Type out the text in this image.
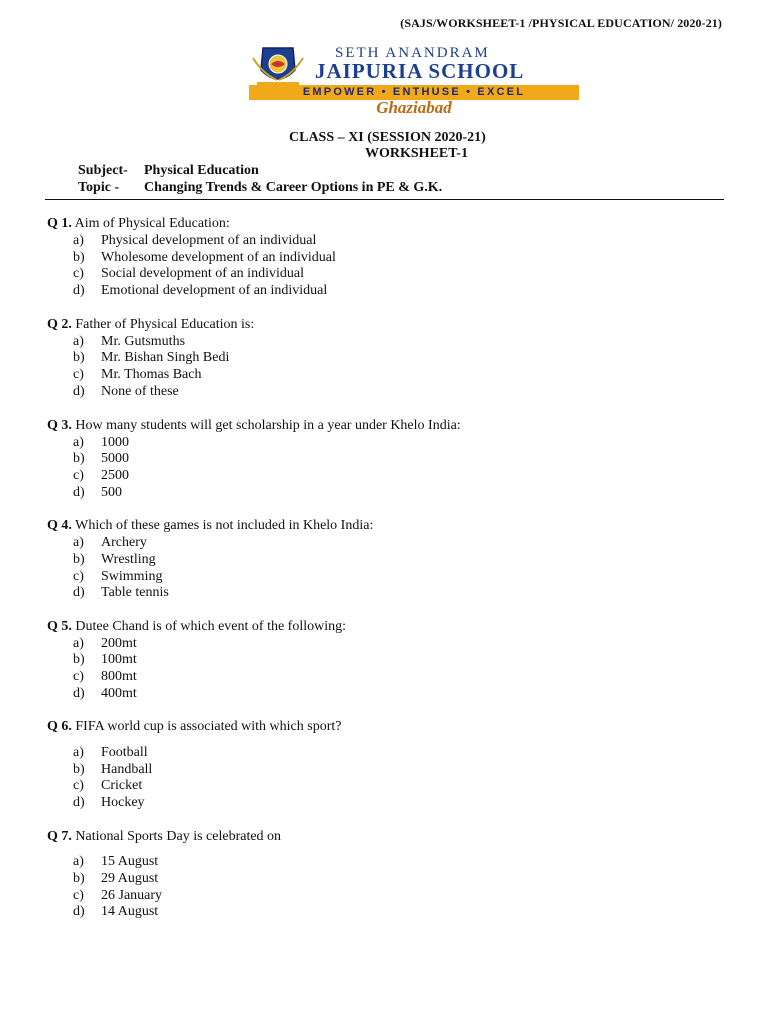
(SAJS/WORKSHEET-1 /PHYSICAL EDUCATION/ 2020-21)
SETH ANANDRAM
JAIPURIA SCHOOL
EMPOWER • ENTHUSE • EXCEL
Ghaziabad
CLASS – XI (SESSION 2020-21)
WORKSHEET-1
Subject- Physical Education
Topic - Changing Trends & Career Options in PE & G.K.
Q 1. Aim of Physical Education:
a) Physical development of an individual
b) Wholesome development of an individual
c) Social development of an individual
d) Emotional development of an individual
Q 2. Father of Physical Education is:
a) Mr. Gutsmuths
b) Mr. Bishan Singh Bedi
c) Mr. Thomas Bach
d) None of these
Q 3. How many students will get scholarship in a year under Khelo India:
a) 1000
b) 5000
c) 2500
d) 500
Q 4. Which of these games is not included in Khelo India:
a) Archery
b) Wrestling
c) Swimming
d) Table tennis
Q 5. Dutee Chand is of which event of the following:
a) 200mt
b) 100mt
c) 800mt
d) 400mt
Q 6. FIFA world cup is associated with which sport?
a) Football
b) Handball
c) Cricket
d) Hockey
Q 7. National Sports Day is celebrated on
a) 15 August
b) 29 August
c) 26 January
d) 14 August
